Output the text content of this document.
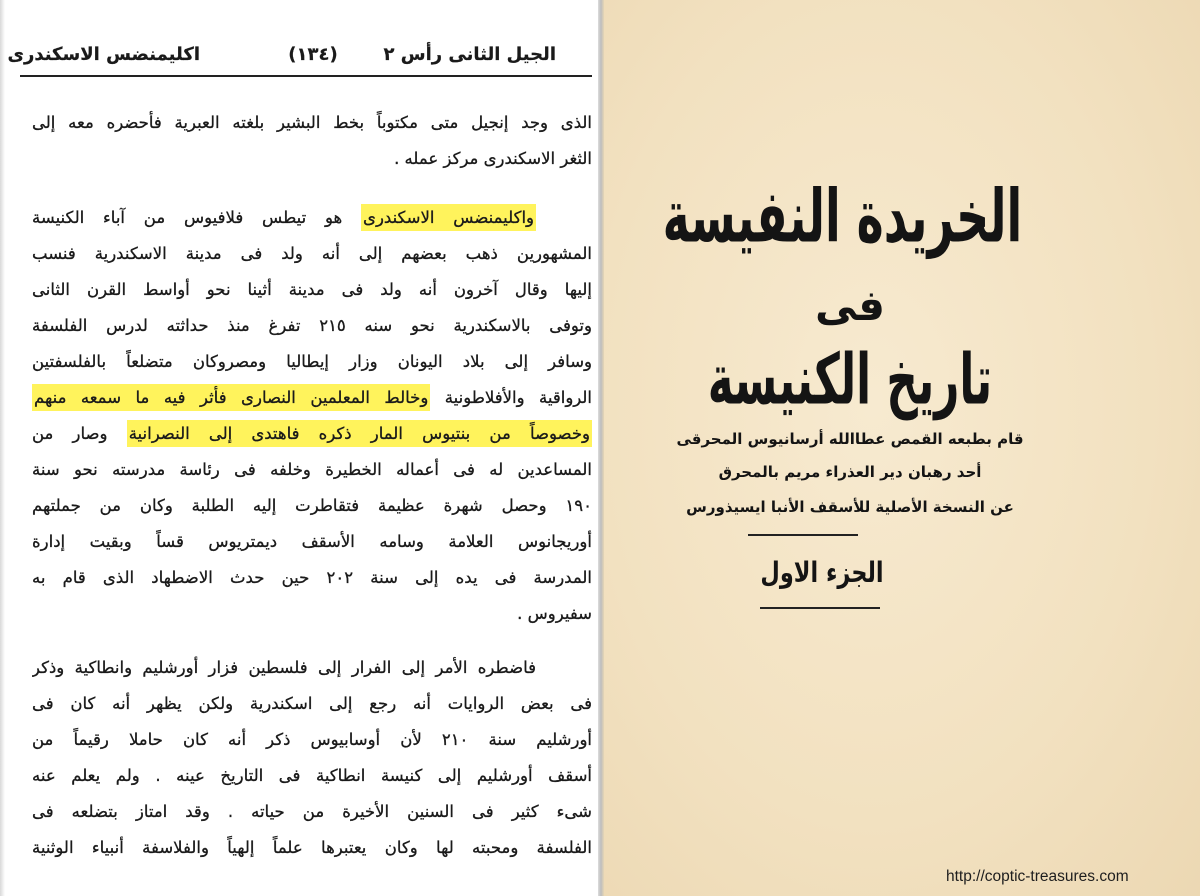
الجيل الثانى رأس ٢
(١٣٤)
اكليمنضس الاسكندرى
الذى وجد إنجيل متى مكتوباً بخط البشير بلغته العبرية فأحضره معه إلى
الثغر الاسكندرى مركز عمله .
واكليمنضس الاسكندرى هو تيطس فلافيوس من آباء الكنيسة
المشهورين ذهب بعضهم إلى أنه ولد فى مدينة الاسكندرية فنسب
إليها وقال آخرون أنه ولد فى مدينة أثينا نحو أواسط القرن الثانى
وتوفى بالاسكندرية نحو سنه ٢١٥ تفرغ منذ حداثته لدرس الفلسفة
وسافر إلى بلاد اليونان وزار إيطاليا ومصروكان متضلعاً بالفلسفتين
الرواقية والأفلاطونية وخالط المعلمين النصارى فأثر فيه ما سمعه منهم
وخصوصاً من بنتيوس المار ذكره فاهتدى إلى النصرانية وصار من
المساعدين له فى أعماله الخطيرة وخلفه فى رئاسة مدرسته نحو سنة
١٩٠ وحصل شهرة عظيمة فتقاطرت إليه الطلبة وكان من جملتهم
أوريجانوس العلامة وسامه الأسقف ديمتريوس قساً وبقيت إدارة
المدرسة فى يده إلى سنة ٢٠٢ حين حدث الاضطهاد الذى قام به
سفيروس .
فاضطره الأمر إلى الفرار إلى فلسطين فزار أورشليم وانطاكية وذكر
فى بعض الروايات أنه رجع إلى اسكندرية ولكن يظهر أنه كان فى
أورشليم سنة ٢١٠ لأن أوسابيوس ذكر أنه كان حاملا رقيماً من
أسقف أورشليم إلى كنيسة انطاكية فى التاريخ عينه . ولم يعلم عنه
شىء كثير فى السنين الأخيرة من حياته . وقد امتاز بتضلعه فى
الفلسفة ومحبته لها وكان يعتبرها علماً إلهياً والفلاسفة أنبياء الوثنية
الخريدة النفيسة
فى
تاريخ الكنيسة
قام بطبعه القمص عطاالله أرسانيوس المحرقى
أحد رهبان دير العذراء مريم بالمحرق
عن النسخة الأصلية للأسقف الأنبا ايسيذورس
الجزء الاول
http://coptic-treasures.com
